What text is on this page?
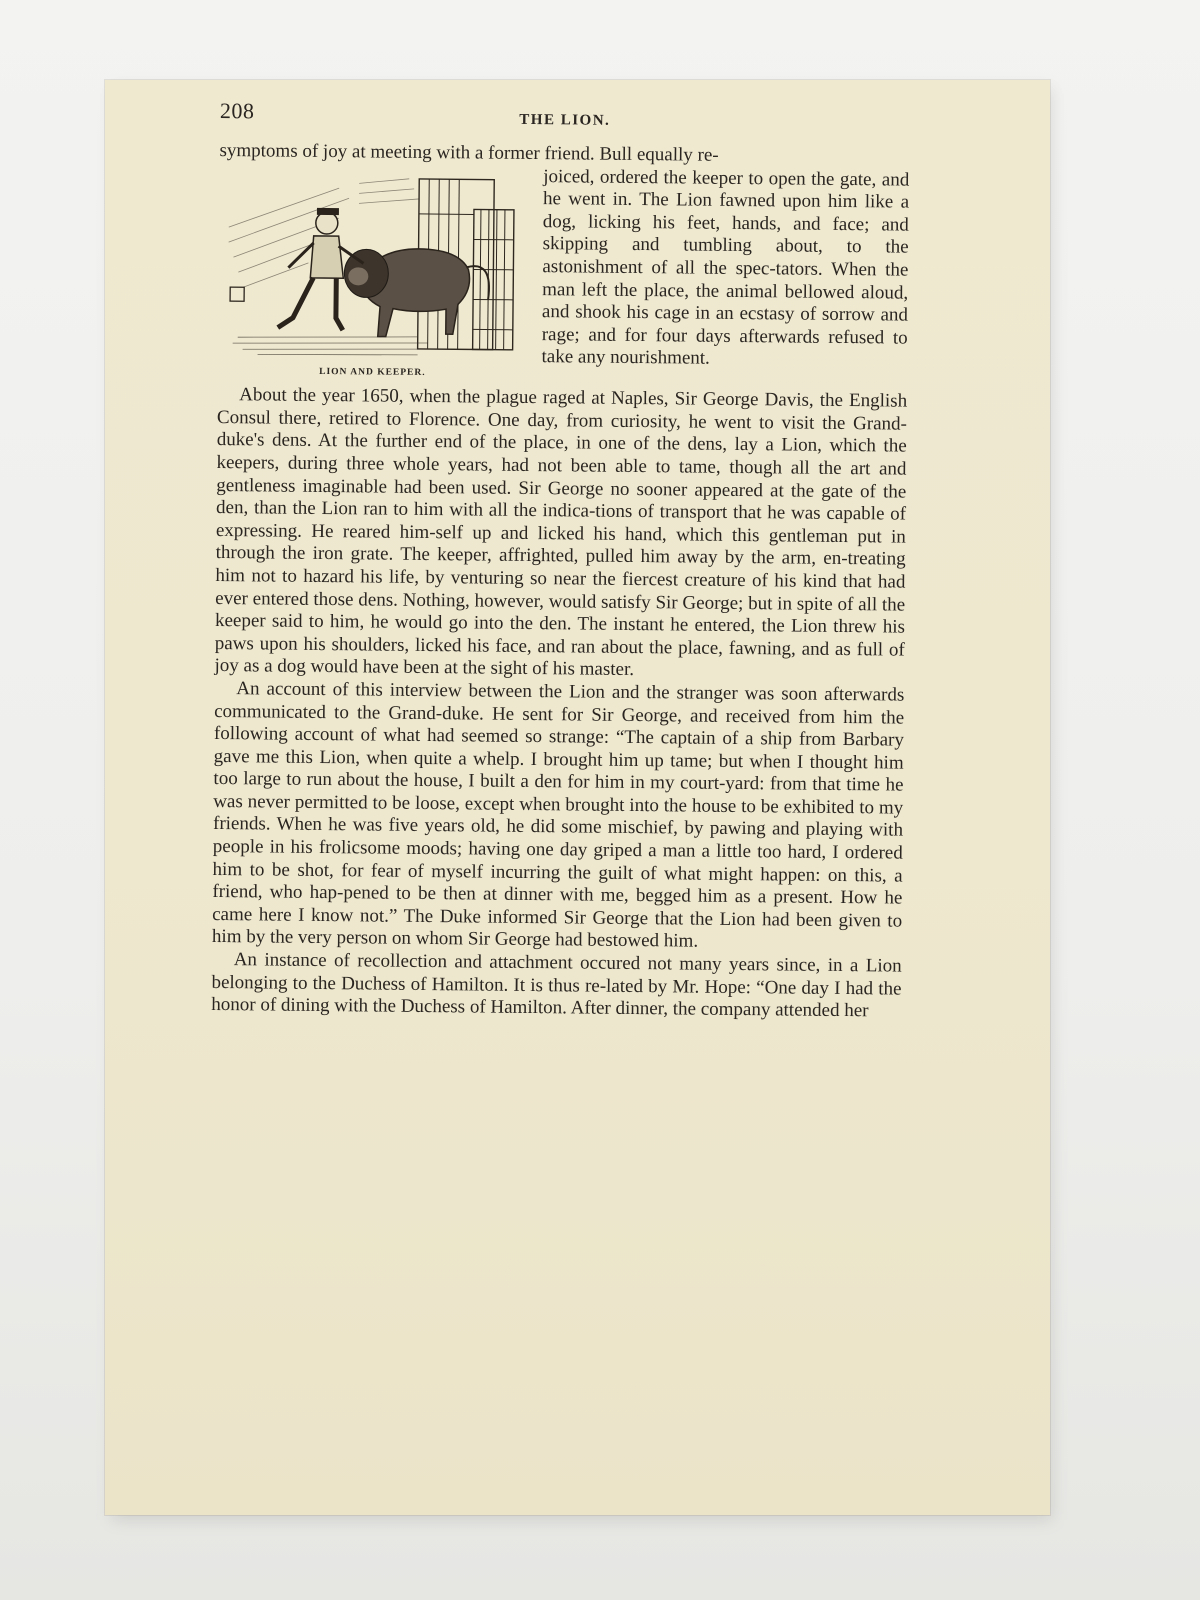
208	THE LION.

symptoms of joy at meeting with a former friend. Bull equally re-
LION AND KEEPER.
joiced, ordered the keeper to open the gate, and he went in. The Lion fawned upon him like a dog, licking his feet, hands, and face; and skipping and tumbling about, to the astonishment of all the spec-tators. When the man left the place, the animal bellowed aloud, and shook his cage in an ecstasy of sorrow and rage; and for four days afterwards refused to take any nourishment.

About the year 1650, when the plague raged at Naples, Sir George Davis, the English Consul there, retired to Florence. One day, from curiosity, he went to visit the Grand-duke's dens. At the further end of the place, in one of the dens, lay a Lion, which the keepers, during three whole years, had not been able to tame, though all the art and gentleness imaginable had been used. Sir George no sooner appeared at the gate of the den, than the Lion ran to him with all the indica-tions of transport that he was capable of expressing. He reared him-self up and licked his hand, which this gentleman put in through the iron grate. The keeper, affrighted, pulled him away by the arm, en-treating him not to hazard his life, by venturing so near the fiercest creature of his kind that had ever entered those dens. Nothing, however, would satisfy Sir George; but in spite of all the keeper said to him, he would go into the den. The instant he entered, the Lion threw his paws upon his shoulders, licked his face, and ran about the place, fawning, and as full of joy as a dog would have been at the sight of his master.

An account of this interview between the Lion and the stranger was soon afterwards communicated to the Grand-duke. He sent for Sir George, and received from him the following account of what had seemed so strange: “The captain of a ship from Barbary gave me this Lion, when quite a whelp. I brought him up tame; but when I thought him too large to run about the house, I built a den for him in my court-yard: from that time he was never permitted to be loose, except when brought into the house to be exhibited to my friends. When he was five years old, he did some mischief, by pawing and playing with people in his frolicsome moods; having one day griped a man a little too hard, I ordered him to be shot, for fear of myself incurring the guilt of what might happen: on this, a friend, who hap-pened to be then at dinner with me, begged him as a present. How he came here I know not.” The Duke informed Sir George that the Lion had been given to him by the very person on whom Sir George had bestowed him.

An instance of recollection and attachment occured not many years since, in a Lion belonging to the Duchess of Hamilton. It is thus re-lated by Mr. Hope: “One day I had the honor of dining with the Duchess of Hamilton. After dinner, the company attended her
